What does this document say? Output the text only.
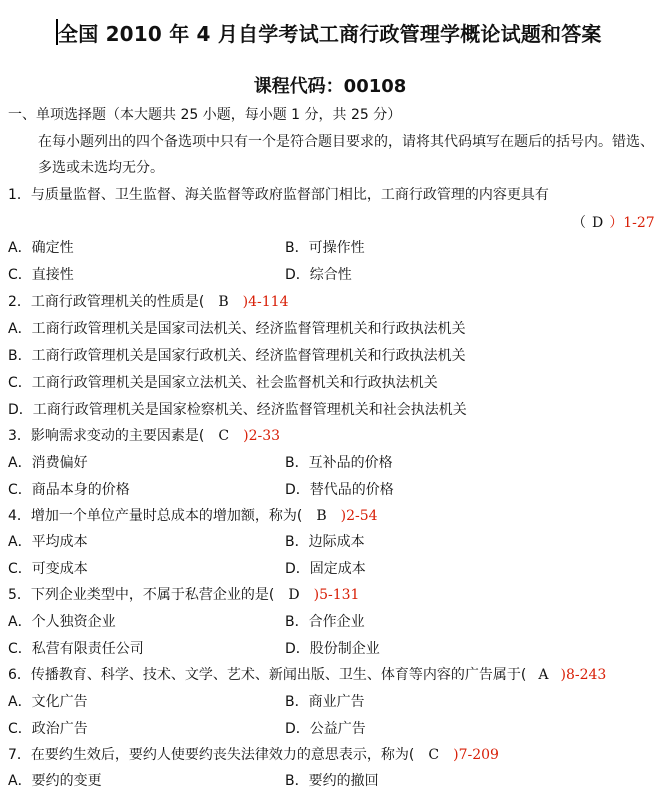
全国 2010 年 4 月自学考试工商行政管理学概论试题和答案
课程代码：00108
一、单项选择题（本大题共 25 小题，每小题 1 分，共 25 分）
在每小题列出的四个备选项中只有一个是符合题目要求的，请将其代码填写在题后的括号内。错选、
多选或未选均无分。
1．与质量监督、卫生监督、海关监督等政府监督部门相比，工商行政管理的内容更具有
（ D ）1-27
A．确定性	B．可操作性
C．直接性	D．综合性
2．工商行政管理机关的性质是( B )4-114
A．工商行政管理机关是国家司法机关、经济监督管理机关和行政执法机关
B．工商行政管理机关是国家行政机关、经济监督管理机关和行政执法机关
C．工商行政管理机关是国家立法机关、社会监督机关和行政执法机关
D．工商行政管理机关是国家检察机关、经济监督管理机关和社会执法机关
3．影响需求变动的主要因素是( C )2-33
A．消费偏好	B．互补品的价格
C．商品本身的价格	D．替代品的价格
4．增加一个单位产量时总成本的增加额，称为( B )2-54
A．平均成本	B．边际成本
C．可变成本	D．固定成本
5．下列企业类型中，不属于私营企业的是( D )5-131
A．个人独资企业	B．合作企业
C．私营有限责任公司	D．股份制企业
6．传播教育、科学、技术、文学、艺术、新闻出版、卫生、体育等内容的广告属于( A )8-243
A．文化广告	B．商业广告
C．政治广告	D．公益广告
7．在要约生效后，要约人使要约丧失法律效力的意思表示，称为( C )7-209
A．要约的变更	B．要约的撤回
